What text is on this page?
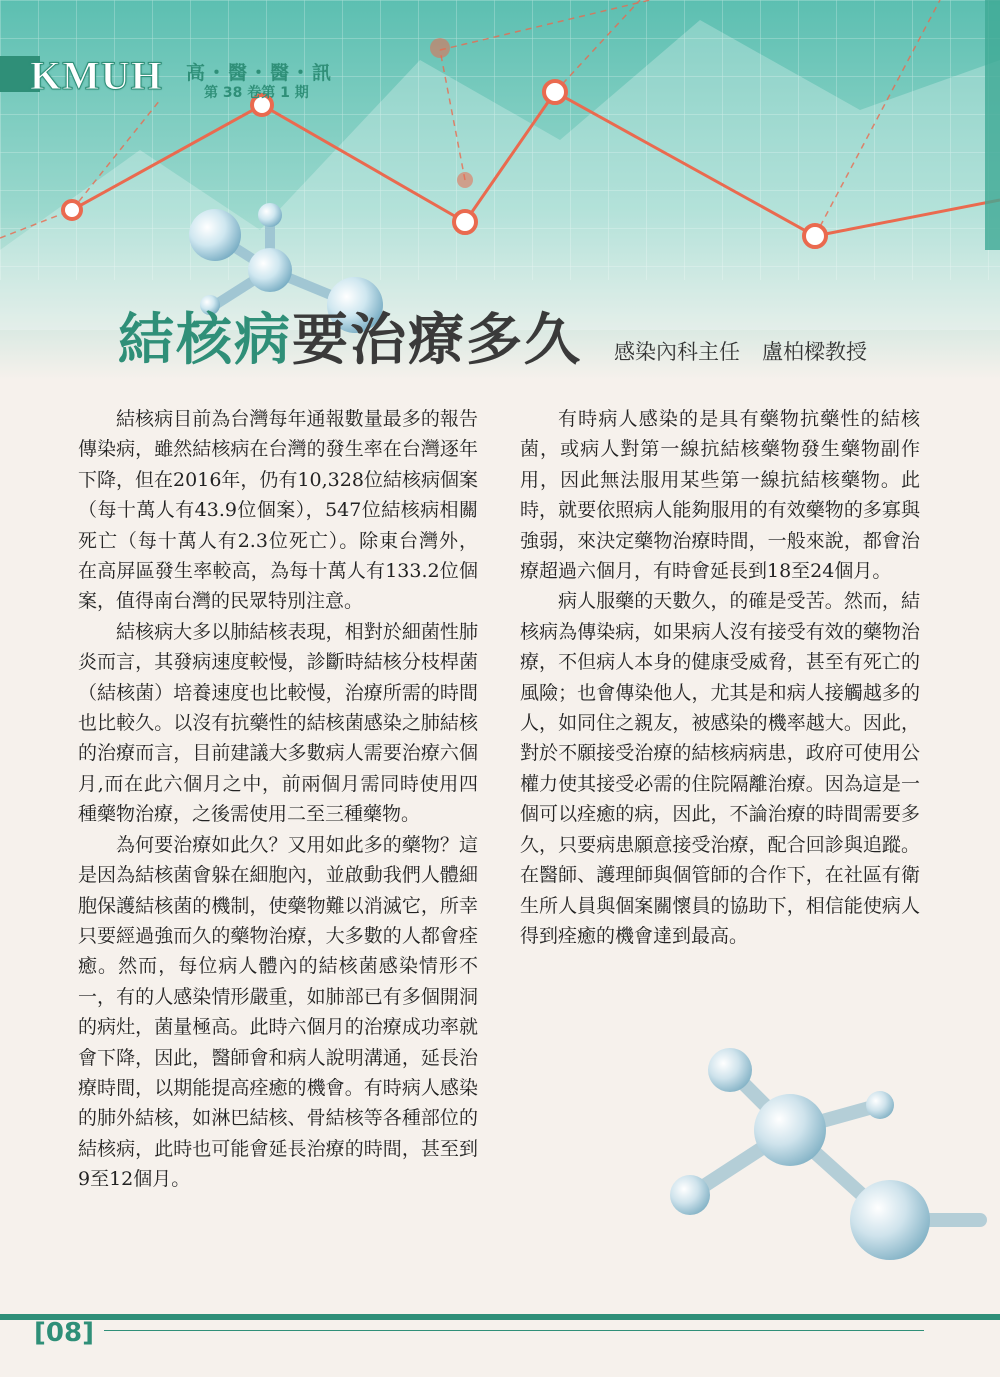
KMUH 高・醫・醫・訊
第 38 卷第 1 期
結核病要治療多久 感染內科主任 盧柏樑教授

結核病目前為台灣每年通報數量最多的報告傳染病，雖然結核病在台灣的發生率在台灣逐年下降，但在2016年，仍有10,328位結核病個案（每十萬人有43.9位個案），547位結核病相關死亡（每十萬人有2.3位死亡）。除東台灣外，在高屏區發生率較高，為每十萬人有133.2位個案，值得南台灣的民眾特別注意。

結核病大多以肺結核表現，相對於細菌性肺炎而言，其發病速度較慢，診斷時結核分枝桿菌（結核菌）培養速度也比較慢，治療所需的時間也比較久。以沒有抗藥性的結核菌感染之肺結核的治療而言，目前建議大多數病人需要治療六個月,而在此六個月之中，前兩個月需同時使用四種藥物治療，之後需使用二至三種藥物。

為何要治療如此久？又用如此多的藥物？這是因為結核菌會躲在細胞內，並啟動我們人體細胞保護結核菌的機制，使藥物難以消滅它，所幸只要經過強而久的藥物治療，大多數的人都會痊癒。然而，每位病人體內的結核菌感染情形不一，有的人感染情形嚴重，如肺部已有多個開洞的病灶，菌量極高。此時六個月的治療成功率就會下降，因此，醫師會和病人說明溝通，延長治療時間，以期能提高痊癒的機會。有時病人感染的肺外結核，如淋巴結核、骨結核等各種部位的結核病，此時也可能會延長治療的時間，甚至到9至12個月。

有時病人感染的是具有藥物抗藥性的結核菌，或病人對第一線抗結核藥物發生藥物副作用，因此無法服用某些第一線抗結核藥物。此時，就要依照病人能夠服用的有效藥物的多寡與強弱，來決定藥物治療時間，一般來說，都會治療超過六個月，有時會延長到18至24個月。

病人服藥的天數久，的確是受苦。然而，結核病為傳染病，如果病人沒有接受有效的藥物治療，不但病人本身的健康受威脅，甚至有死亡的風險；也會傳染他人，尤其是和病人接觸越多的人，如同住之親友，被感染的機率越大。因此，對於不願接受治療的結核病病患，政府可使用公權力使其接受必需的住院隔離治療。因為這是一個可以痊癒的病，因此，不論治療的時間需要多久，只要病患願意接受治療，配合回診與追蹤。在醫師、護理師與個管師的合作下，在社區有衛生所人員與個案關懷員的協助下，相信能使病人得到痊癒的機會達到最高。

[08]
